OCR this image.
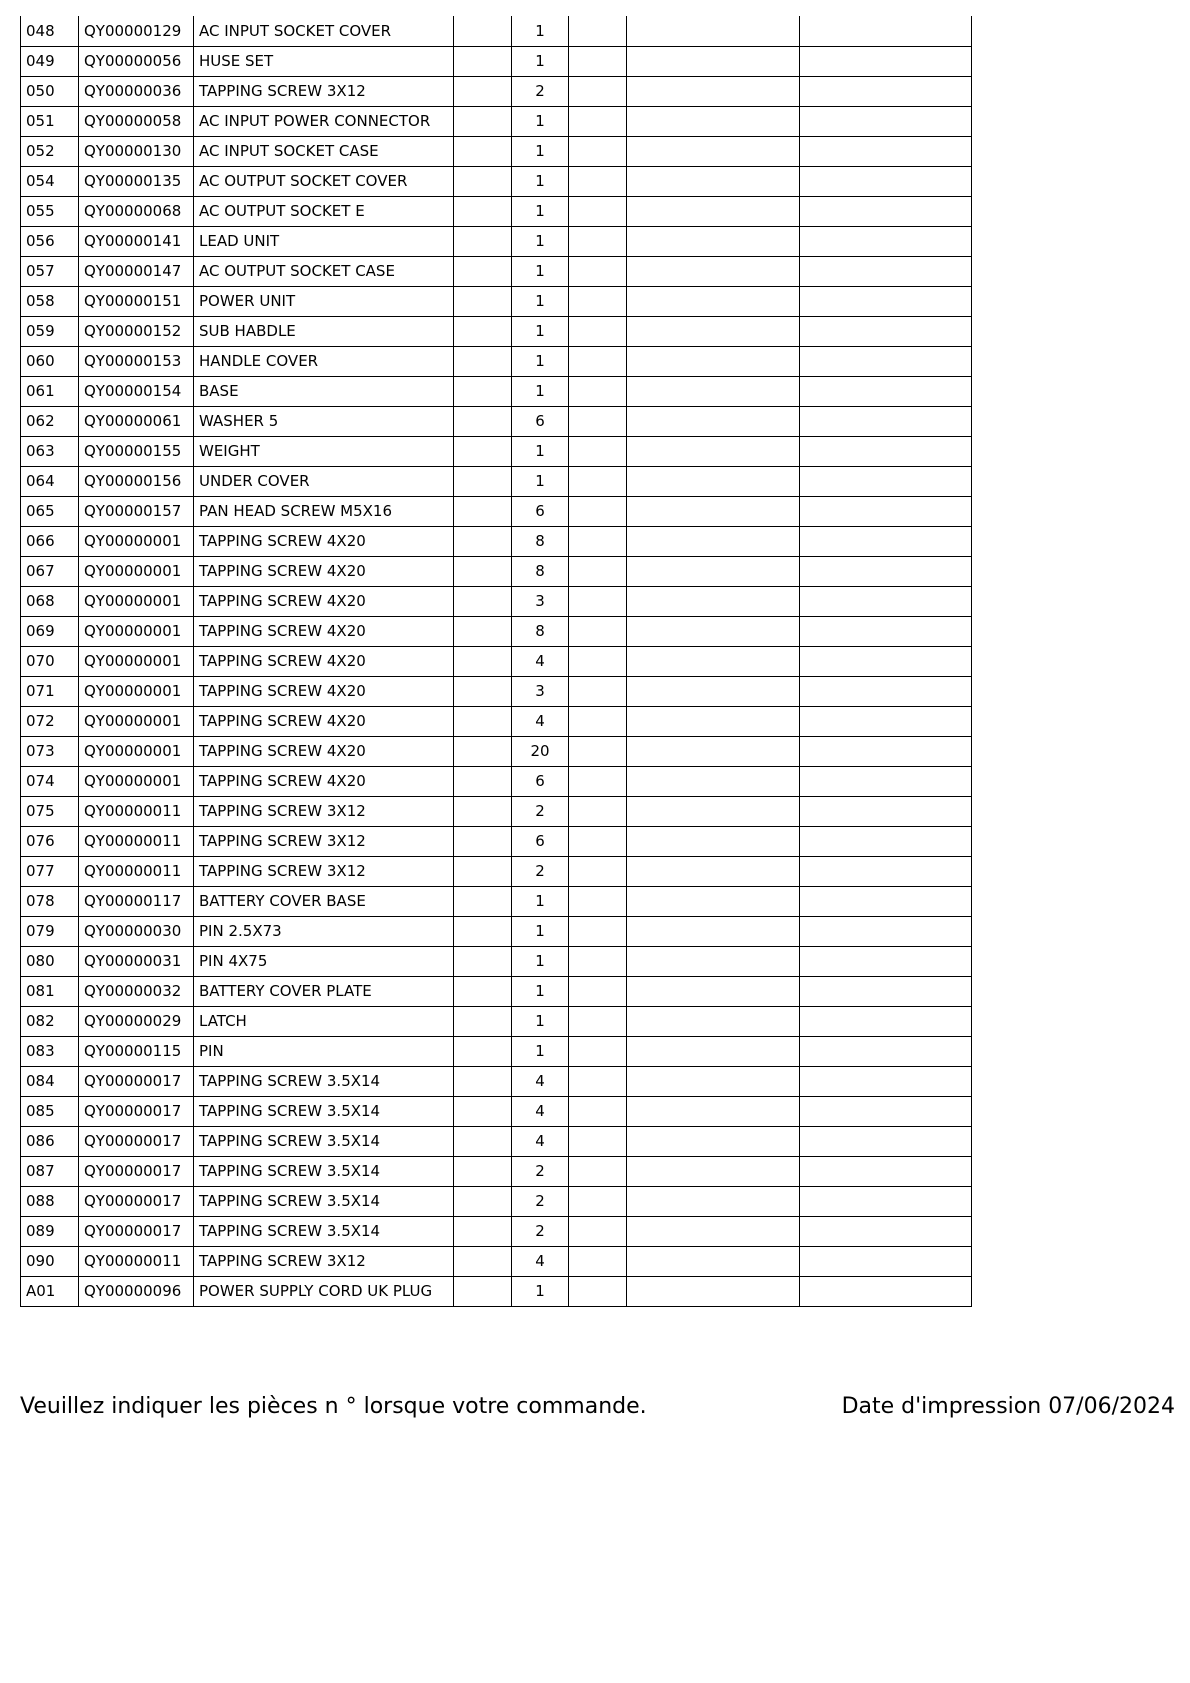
048	QY00000129	AC INPUT SOCKET COVER		1			
049	QY00000056	HUSE SET		1			
050	QY00000036	TAPPING SCREW 3X12		2			
051	QY00000058	AC INPUT POWER CONNECTOR		1			
052	QY00000130	AC INPUT SOCKET CASE		1			
054	QY00000135	AC OUTPUT SOCKET COVER		1			
055	QY00000068	AC OUTPUT SOCKET E		1			
056	QY00000141	LEAD UNIT		1			
057	QY00000147	AC OUTPUT SOCKET CASE		1			
058	QY00000151	POWER UNIT		1			
059	QY00000152	SUB HABDLE		1			
060	QY00000153	HANDLE COVER		1			
061	QY00000154	BASE		1			
062	QY00000061	WASHER 5		6			
063	QY00000155	WEIGHT		1			
064	QY00000156	UNDER COVER		1			
065	QY00000157	PAN HEAD SCREW M5X16		6			
066	QY00000001	TAPPING SCREW 4X20		8			
067	QY00000001	TAPPING SCREW 4X20		8			
068	QY00000001	TAPPING SCREW 4X20		3			
069	QY00000001	TAPPING SCREW 4X20		8			
070	QY00000001	TAPPING SCREW 4X20		4			
071	QY00000001	TAPPING SCREW 4X20		3			
072	QY00000001	TAPPING SCREW 4X20		4			
073	QY00000001	TAPPING SCREW 4X20		20			
074	QY00000001	TAPPING SCREW 4X20		6			
075	QY00000011	TAPPING SCREW 3X12		2			
076	QY00000011	TAPPING SCREW 3X12		6			
077	QY00000011	TAPPING SCREW 3X12		2			
078	QY00000117	BATTERY COVER BASE		1			
079	QY00000030	PIN 2.5X73		1			
080	QY00000031	PIN 4X75		1			
081	QY00000032	BATTERY COVER PLATE		1			
082	QY00000029	LATCH		1			
083	QY00000115	PIN		1			
084	QY00000017	TAPPING SCREW 3.5X14		4			
085	QY00000017	TAPPING SCREW 3.5X14		4			
086	QY00000017	TAPPING SCREW 3.5X14		4			
087	QY00000017	TAPPING SCREW 3.5X14		2			
088	QY00000017	TAPPING SCREW 3.5X14		2			
089	QY00000017	TAPPING SCREW 3.5X14		2			
090	QY00000011	TAPPING SCREW 3X12		4			
A01	QY00000096	POWER SUPPLY CORD UK PLUG		1			
Veuillez indiquer les pièces n ° lorsque votre commande.	Date d'impression 07/06/2024
